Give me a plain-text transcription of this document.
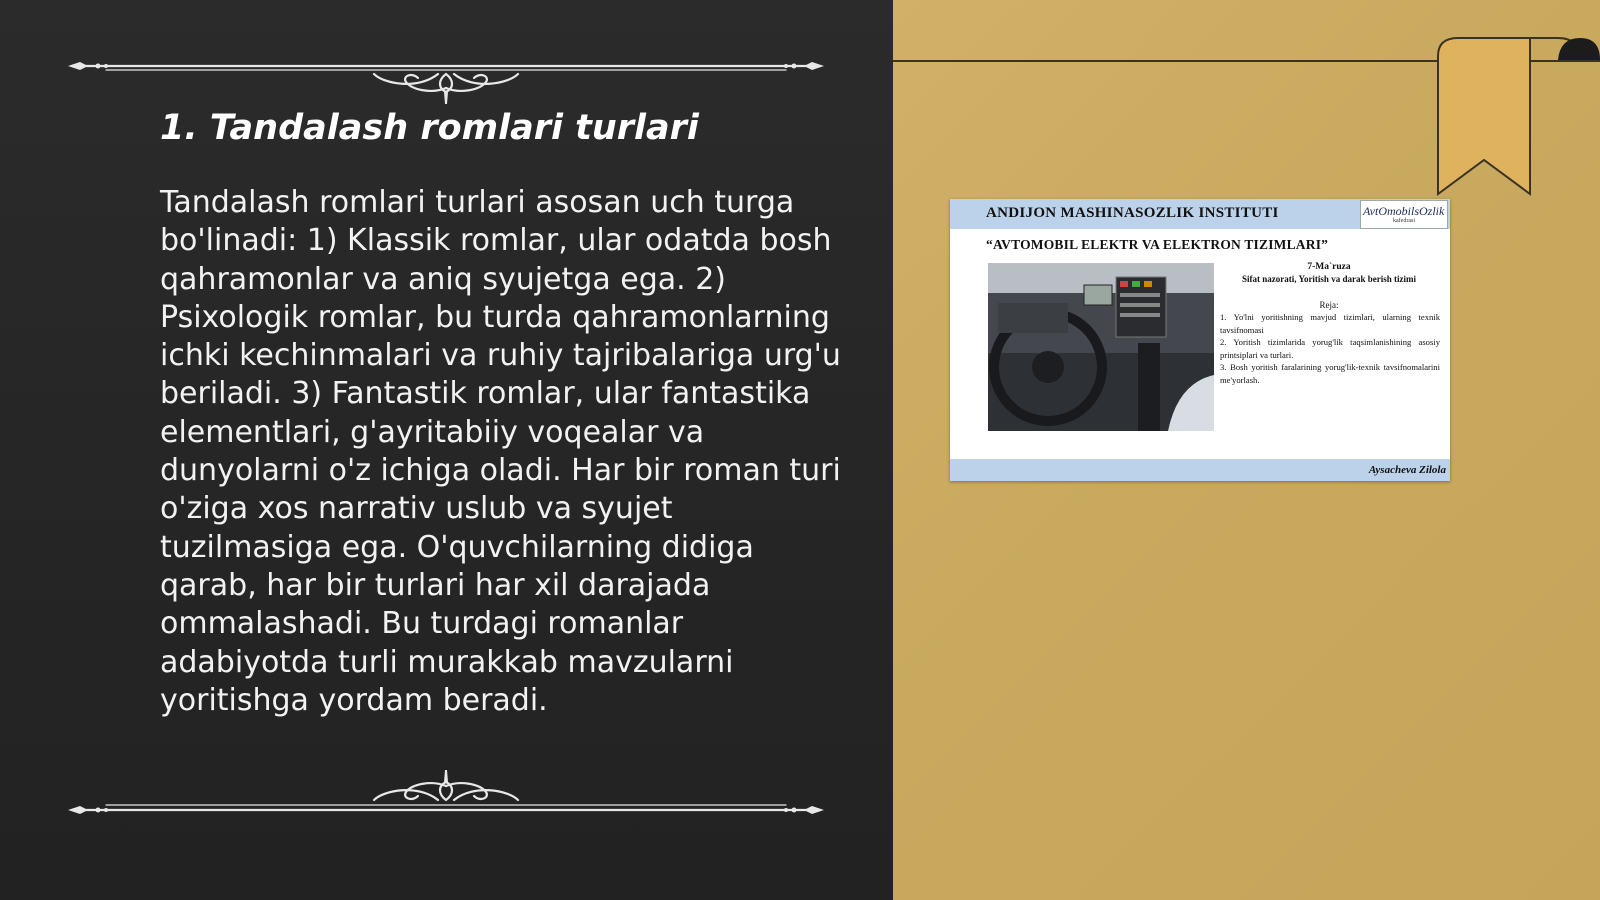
1. Tandalash romlari turlari

Tandalash romlari turlari asosan uch turga bo'linadi: 1) Klassik romlar, ular odatda bosh qahramonlar va aniq syujetga ega. 2) Psixologik romlar, bu turda qahramonlarning ichki kechinmalari va ruhiy tajribalariga urg'u beriladi. 3) Fantastik romlar, ular fantastika elementlari, g'ayritabiiy voqealar va dunyolarni o'z ichiga oladi. Har bir roman turi o'ziga xos narrativ uslub va syujet tuzilmasiga ega. O'quvchilarning didiga qarab, har bir turlari har xil darajada ommalashadi. Bu turdagi romanlar adabiyotda turli murakkab mavzularni yoritishga yordam beradi.

ANDIJON MASHINASOZLIK INSTITUTI	AvtOmobilsOzlik
kafedrasi
“AVTOMOBIL ELEKTR VA ELEKTRON TIZIMLARI”
7-Ma`ruza
Sifat nazorati, Yoritish va darak berish tizimi
Reja:
1. Yo'lni yoritishning mavjud tizimlari, ularning texnik tavsifnomasi
2. Yoritish tizimlarida yorug'lik taqsimlanishining asosiy printsiplari va turlari.
3. Bosh yoritish faralarining yorug'lik-texnik tavsifnomalarini me'yorlash.
Aysacheva Zilola
